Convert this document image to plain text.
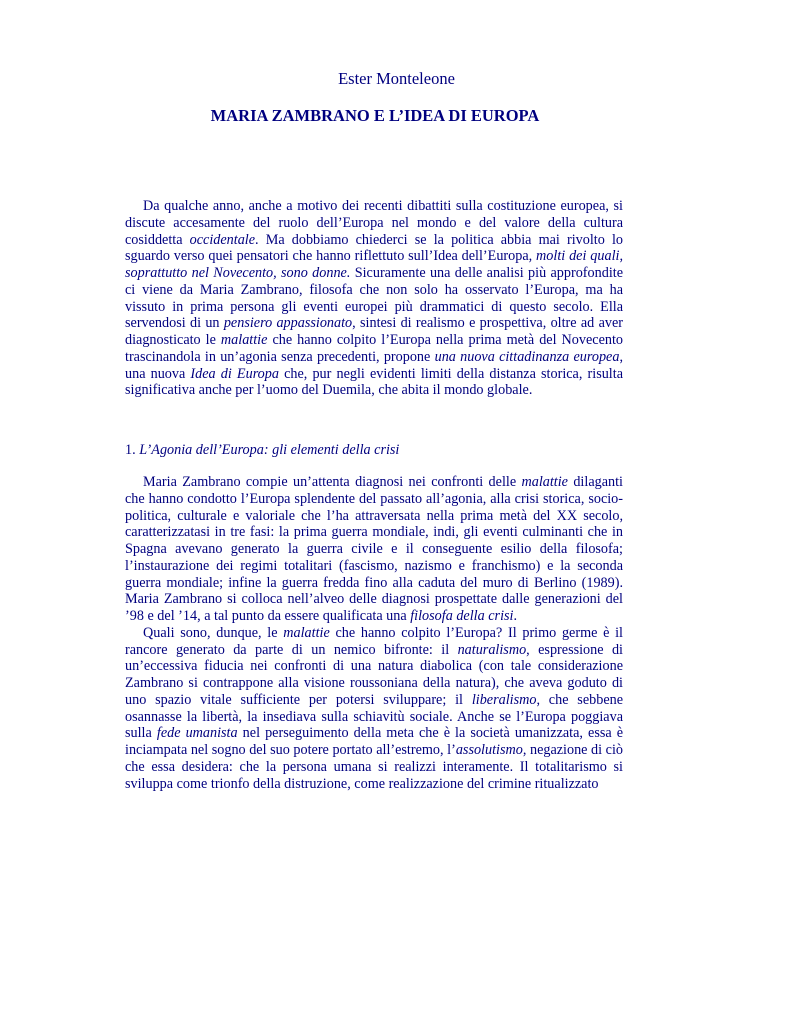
Ester Monteleone
MARIA ZAMBRANO E L’IDEA DI EUROPA

Da qualche anno, anche a motivo dei recenti dibattiti sulla costituzione europea, si discute accesamente del ruolo dell’Europa nel mondo e del valore della cultura cosiddetta occidentale. Ma dobbiamo chiederci se la politica abbia mai rivolto lo sguardo verso quei pensatori che hanno riflettuto sull’Idea dell’Europa, molti dei quali, soprattutto nel Novecento, sono donne. Sicuramente una delle analisi più approfondite ci viene da Maria Zambrano, filosofa che non solo ha osservato l’Europa, ma ha vissuto in prima persona gli eventi europei più drammatici di questo secolo. Ella servendosi di un pensiero appassionato, sintesi di realismo e prospettiva, oltre ad aver diagnosticato le malattie che hanno colpito l’Europa nella prima metà del Novecento trascinandola in un’agonia senza precedenti, propone una nuova cittadinanza europea, una nuova Idea di Europa che, pur negli evidenti limiti della distanza storica, risulta significativa anche per l’uomo del Duemila, che abita il mondo globale.

1. L’Agonia dell’Europa: gli elementi della crisi

Maria Zambrano compie un’attenta diagnosi nei confronti delle malattie dilaganti che hanno condotto l’Europa splendente del passato all’agonia, alla crisi storica, socio-politica, culturale e valoriale che l’ha attraversata nella prima metà del XX secolo, caratterizzatasi in tre fasi: la prima guerra mondiale, indi, gli eventi culminanti che in Spagna avevano generato la guerra civile e il conseguente esilio della filosofa; l’instaurazione dei regimi totalitari (fascismo, nazismo e franchismo) e la seconda guerra mondiale; infine la guerra fredda fino alla caduta del muro di Berlino (1989). Maria Zambrano si colloca nell’alveo delle diagnosi prospettate dalle generazioni del ’98 e del ’14, a tal punto da essere qualificata una filosofa della crisi.

Quali sono, dunque, le malattie che hanno colpito l’Europa? Il primo germe è il rancore generato da parte di un nemico bifronte: il naturalismo, espressione di un’eccessiva fiducia nei confronti di una natura diabolica (con tale considerazione Zambrano si contrappone alla visione roussoniana della natura), che aveva goduto di uno spazio vitale sufficiente per potersi sviluppare; il liberalismo, che sebbene osannasse la libertà, la insediava sulla schiavitù sociale. Anche se l’Europa poggiava sulla fede umanista nel perseguimento della meta che è la società umanizzata, essa è inciampata nel sogno del suo potere portato all’estremo, l’assolutismo, negazione di ciò che essa desidera: che la persona umana si realizzi interamente. Il totalitarismo si sviluppa come trionfo della distruzione, come realizzazione del crimine ritualizzato
